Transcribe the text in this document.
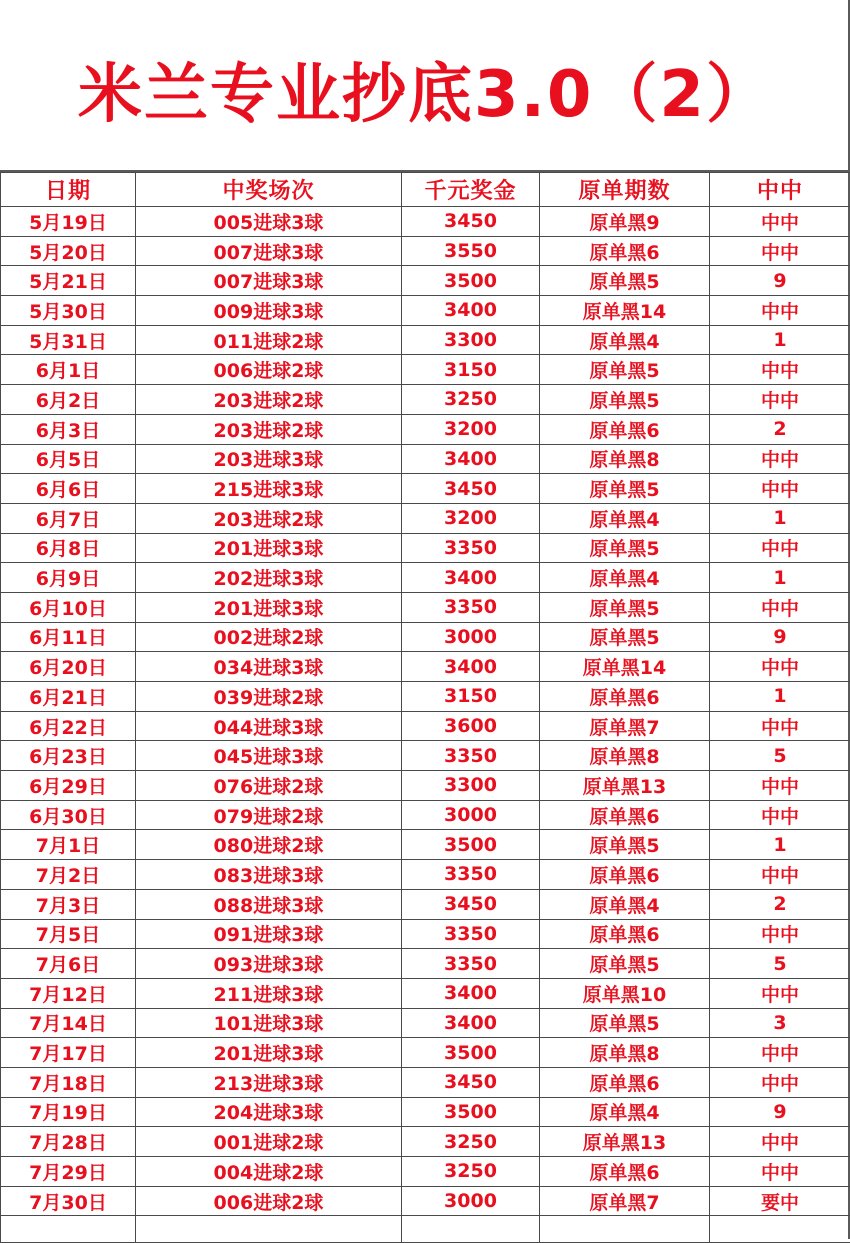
米兰专业抄底3.0（2）
日期	中奖场次	千元奖金	原单期数	中中
5月19日	005进球3球	3450	原单黑9	中中
5月20日	007进球3球	3550	原单黑6	中中
5月21日	007进球3球	3500	原单黑5	9
5月30日	009进球3球	3400	原单黑14	中中
5月31日	011进球2球	3300	原单黑4	1
6月1日	006进球2球	3150	原单黑5	中中
6月2日	203进球2球	3250	原单黑5	中中
6月3日	203进球2球	3200	原单黑6	2
6月5日	203进球3球	3400	原单黑8	中中
6月6日	215进球3球	3450	原单黑5	中中
6月7日	203进球2球	3200	原单黑4	1
6月8日	201进球3球	3350	原单黑5	中中
6月9日	202进球3球	3400	原单黑4	1
6月10日	201进球3球	3350	原单黑5	中中
6月11日	002进球2球	3000	原单黑5	9
6月20日	034进球3球	3400	原单黑14	中中
6月21日	039进球2球	3150	原单黑6	1
6月22日	044进球3球	3600	原单黑7	中中
6月23日	045进球3球	3350	原单黑8	5
6月29日	076进球2球	3300	原单黑13	中中
6月30日	079进球2球	3000	原单黑6	中中
7月1日	080进球2球	3500	原单黑5	1
7月2日	083进球3球	3350	原单黑6	中中
7月3日	088进球3球	3450	原单黑4	2
7月5日	091进球3球	3350	原单黑6	中中
7月6日	093进球3球	3350	原单黑5	5
7月12日	211进球3球	3400	原单黑10	中中
7月14日	101进球3球	3400	原单黑5	3
7月17日	201进球3球	3500	原单黑8	中中
7月18日	213进球3球	3450	原单黑6	中中
7月19日	204进球3球	3500	原单黑4	9
7月28日	001进球2球	3250	原单黑13	中中
7月29日	004进球2球	3250	原单黑6	中中
7月30日	006进球2球	3000	原单黑7	要中
